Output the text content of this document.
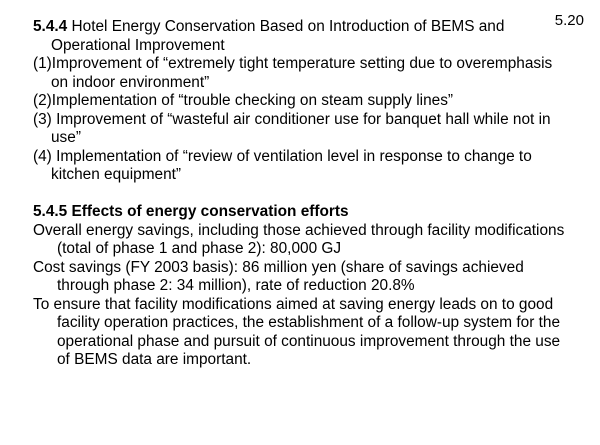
5.20

5.4.4 Hotel Energy Conservation Based on Introduction of BEMS and Operational Improvement

(1)Improvement of “extremely tight temperature setting due to overemphasis on indoor environment”

(2)Implementation of “trouble checking on steam supply lines”

(3) Improvement of “wasteful air conditioner use for banquet hall while not in use”

(4) Implementation of “review of ventilation level in response to change to kitchen equipment”

5.4.5 Effects of energy conservation efforts

Overall energy savings, including those achieved through facility modifications (total of phase 1 and phase 2): 80,000 GJ

Cost savings (FY 2003 basis): 86 million yen (share of savings achieved through phase 2: 34 million), rate of reduction 20.8%

To ensure that facility modifications aimed at saving energy leads on to good facility operation practices, the establishment of a follow-up system for the operational phase and pursuit of continuous improvement through the use of BEMS data are important.
